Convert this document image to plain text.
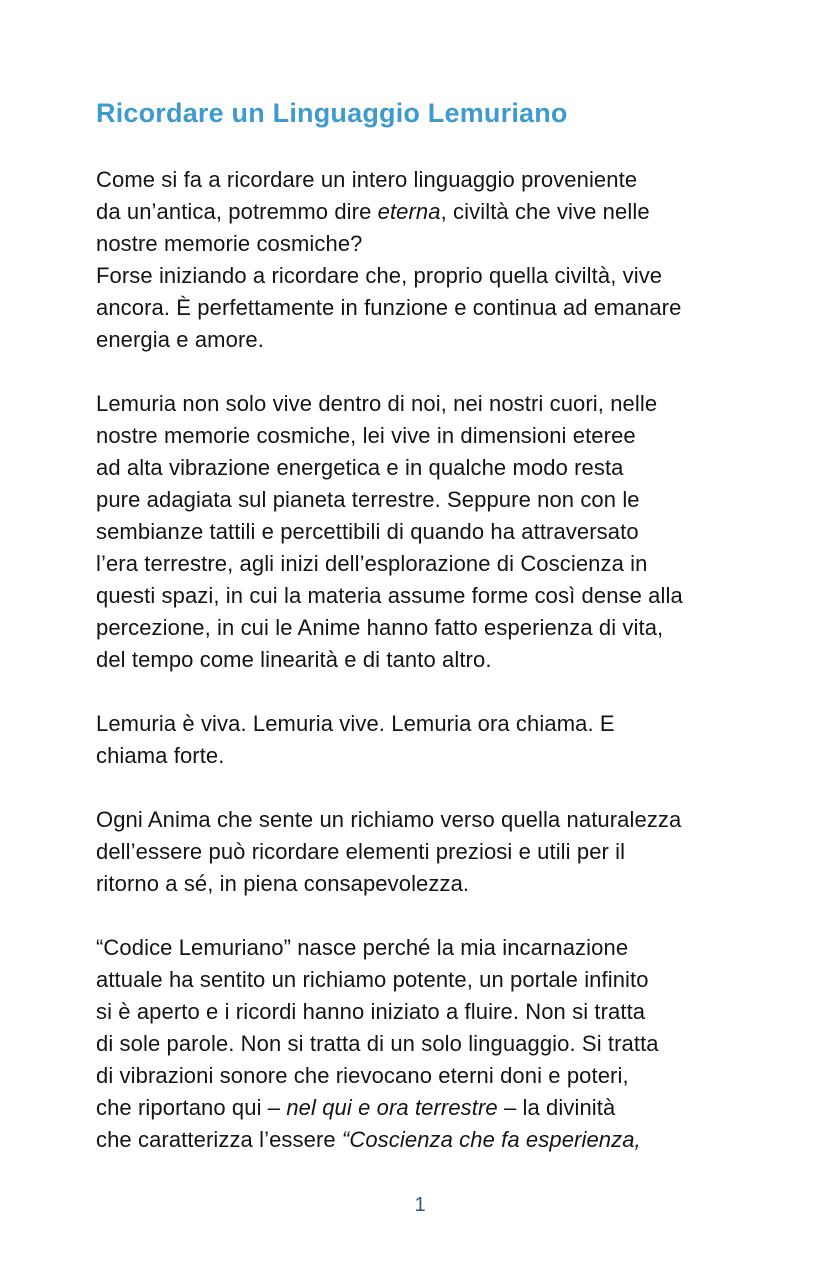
Ricordare un Linguaggio Lemuriano

Come si fa a ricordare un intero linguaggio proveniente
da un’antica, potremmo dire eterna, civiltà che vive nelle
nostre memorie cosmiche?
Forse iniziando a ricordare che, proprio quella civiltà, vive
ancora. È perfettamente in funzione e continua ad emanare
energia e amore.

Lemuria non solo vive dentro di noi, nei nostri cuori, nelle
nostre memorie cosmiche, lei vive in dimensioni eteree
ad alta vibrazione energetica e in qualche modo resta
pure adagiata sul pianeta terrestre. Seppure non con le
sembianze tattili e percettibili di quando ha attraversato
l’era terrestre, agli inizi dell’esplorazione di Coscienza in
questi spazi, in cui la materia assume forme così dense alla
percezione, in cui le Anime hanno fatto esperienza di vita,
del tempo come linearità e di tanto altro.

Lemuria è viva. Lemuria vive. Lemuria ora chiama. E
chiama forte.

Ogni Anima che sente un richiamo verso quella naturalezza
dell’essere può ricordare elementi preziosi e utili per il
ritorno a sé, in piena consapevolezza.

“Codice Lemuriano” nasce perché la mia incarnazione
attuale ha sentito un richiamo potente, un portale infinito
si è aperto e i ricordi hanno iniziato a fluire. Non si tratta
di sole parole. Non si tratta di un solo linguaggio. Si tratta
di vibrazioni sonore che rievocano eterni doni e poteri,
che riportano qui – nel qui e ora terrestre – la divinità
che caratterizza l’essere “Coscienza che fa esperienza,

1
